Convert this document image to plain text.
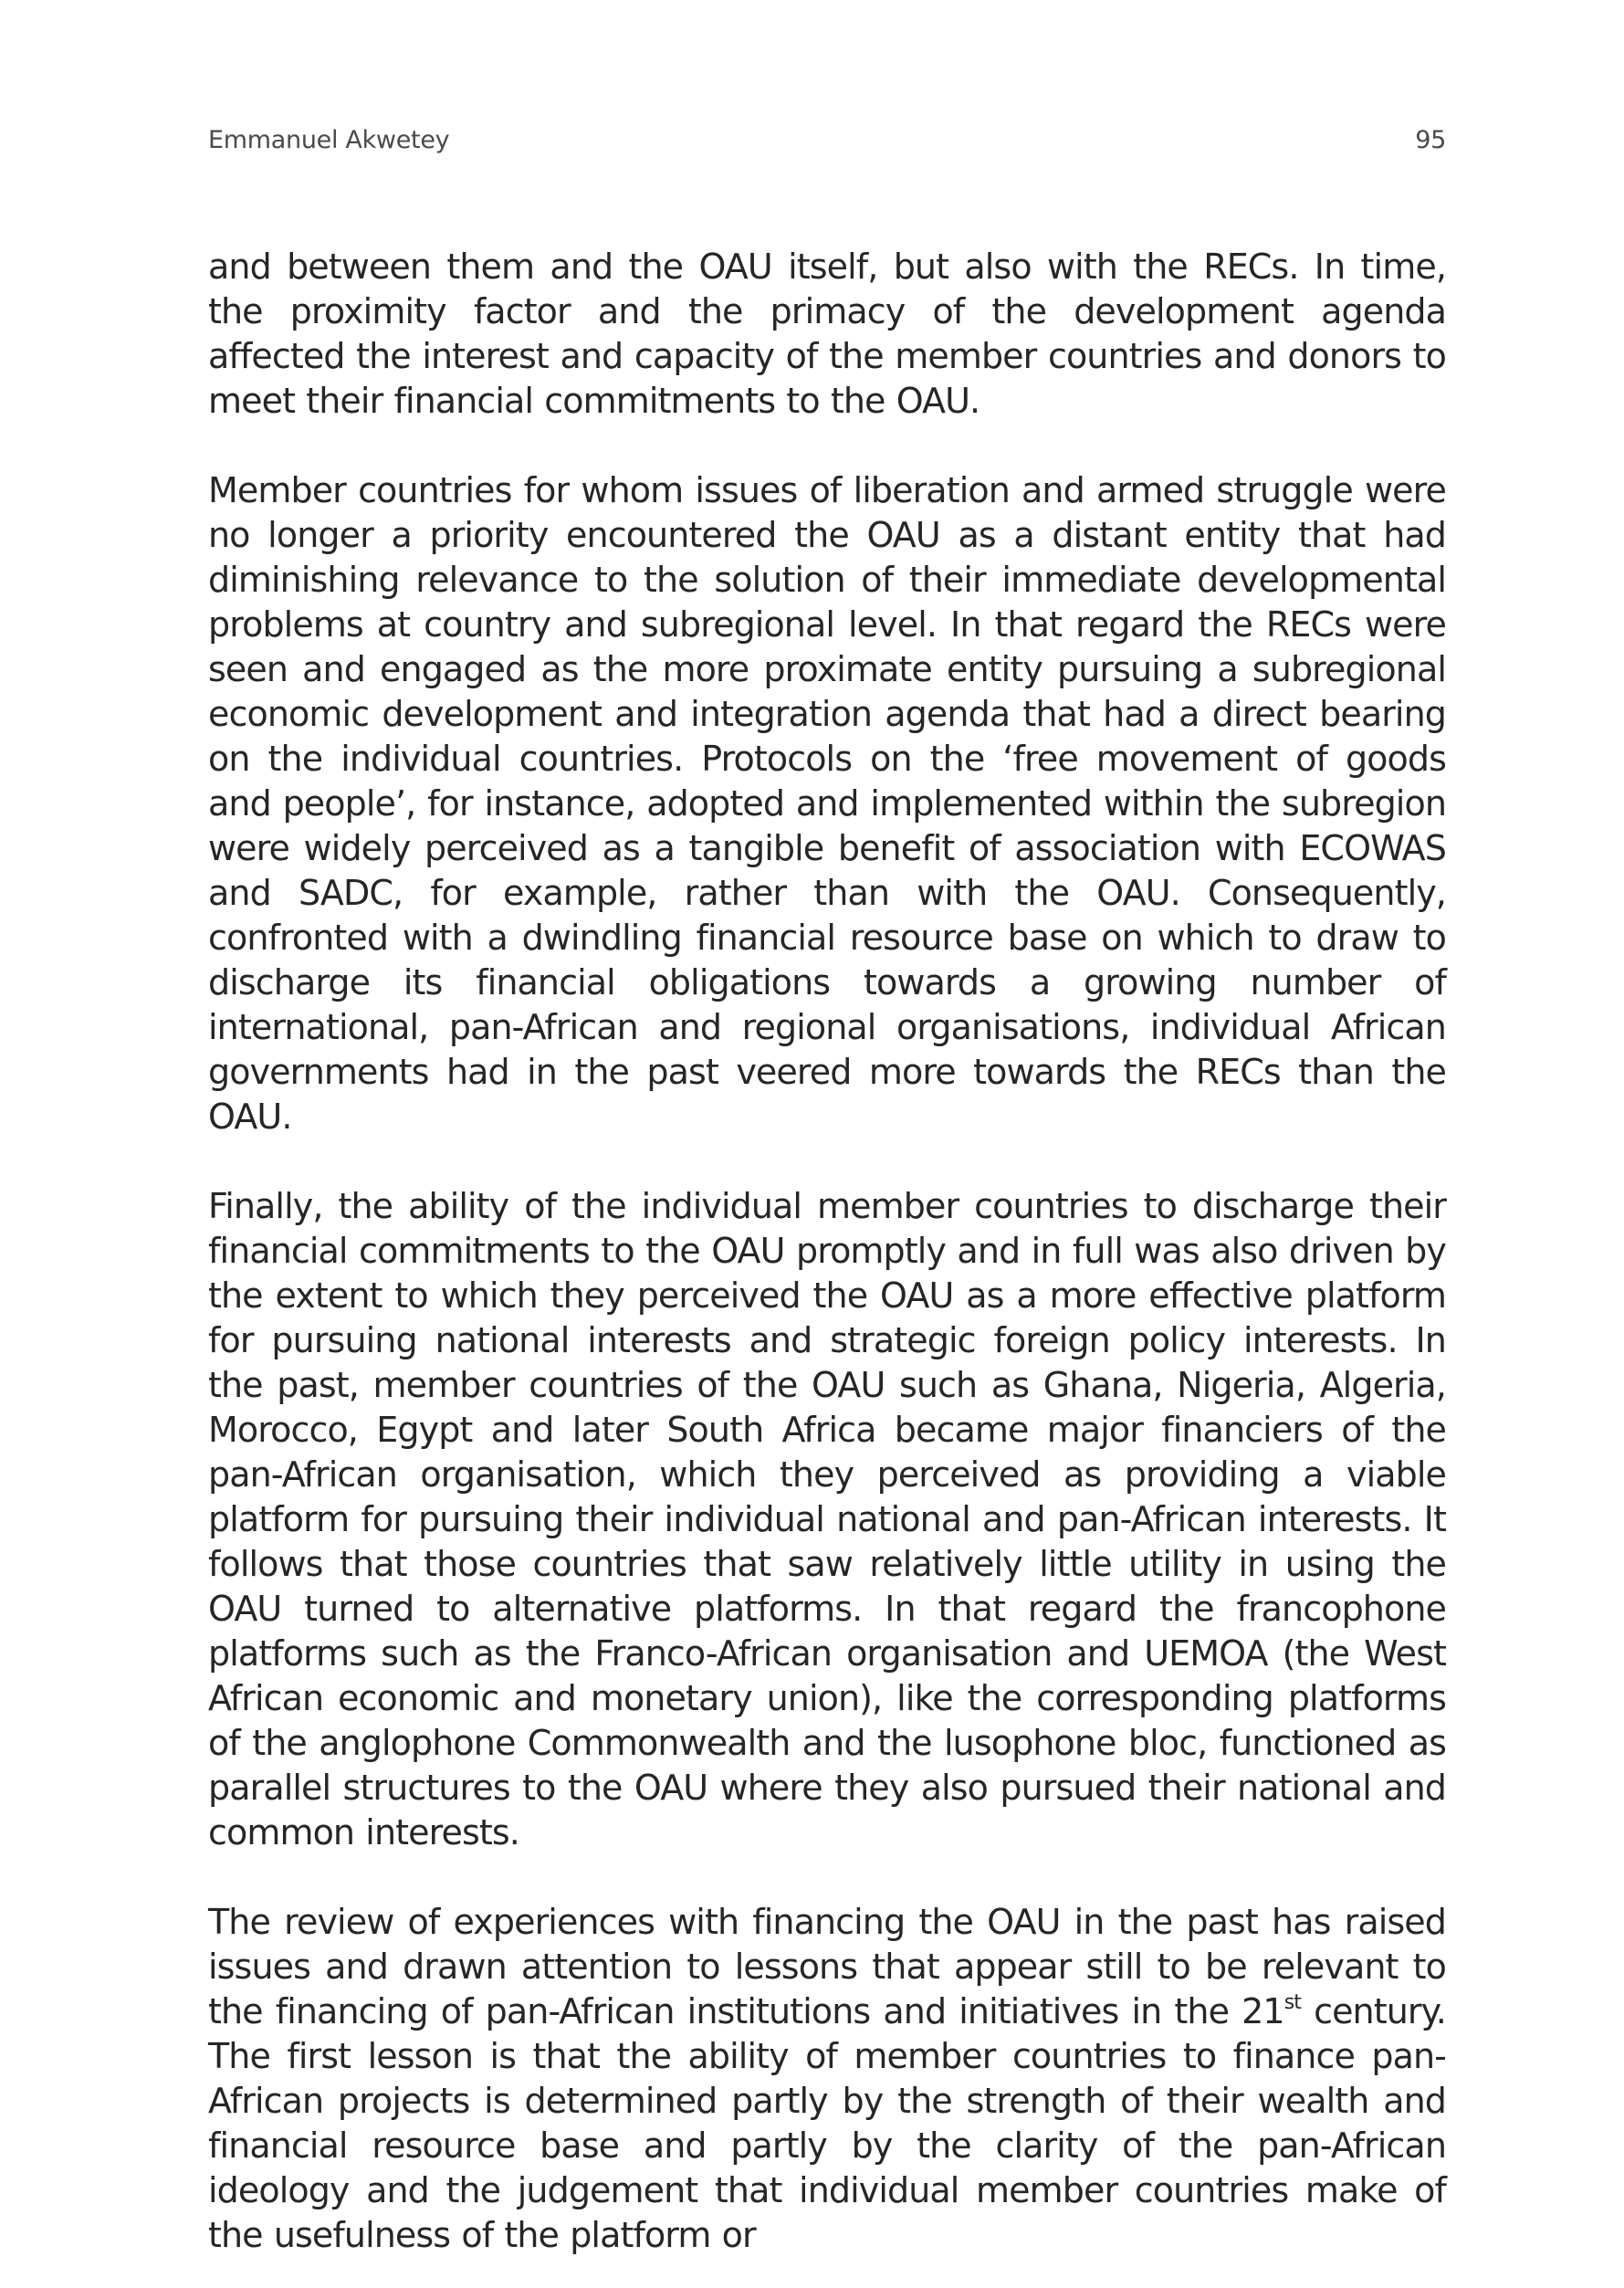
Emmanuel Akwetey	95

and between them and the OAU itself, but also with the RECs. In time, the proximity factor and the primacy of the development agenda affected the interest and capacity of the member countries and donors to meet their financial commitments to the OAU.

Member countries for whom issues of liberation and armed struggle were no longer a priority encountered the OAU as a distant entity that had diminishing relevance to the solution of their immediate developmental problems at country and subregional level. In that regard the RECs were seen and engaged as the more proximate entity pursuing a subregional economic development and integration agenda that had a direct bearing on the individual countries. Protocols on the ‘free movement of goods and people’, for instance, adopted and implemented within the subregion were widely perceived as a tangible benefit of association with ECOWAS and SADC, for example, rather than with the OAU. Consequently, confronted with a dwindling financial resource base on which to draw to discharge its financial obligations towards a growing number of international, pan-African and regional organisations, individual African governments had in the past veered more towards the RECs than the OAU.

Finally, the ability of the individual member countries to discharge their financial commitments to the OAU promptly and in full was also driven by the extent to which they perceived the OAU as a more effective platform for pursuing national interests and strategic foreign policy interests. In the past, member countries of the OAU such as Ghana, Nigeria, Algeria, Morocco, Egypt and later South Africa became major financiers of the pan-African organisation, which they perceived as providing a viable platform for pursuing their individual national and pan-African interests. It follows that those countries that saw relatively little utility in using the OAU turned to alternative platforms. In that regard the francophone platforms such as the Franco-African organisation and UEMOA (the West African economic and monetary union), like the corresponding platforms of the anglophone Commonwealth and the lusophone bloc, functioned as parallel structures to the OAU where they also pursued their national and common interests.

The review of experiences with financing the OAU in the past has raised issues and drawn attention to lessons that appear still to be relevant to the financing of pan-African institutions and initiatives in the 21st century. The first lesson is that the ability of member countries to finance pan-African projects is determined partly by the strength of their wealth and financial resource base and partly by the clarity of the pan-African ideology and the judgement that individual member countries make of the usefulness of the platform or
